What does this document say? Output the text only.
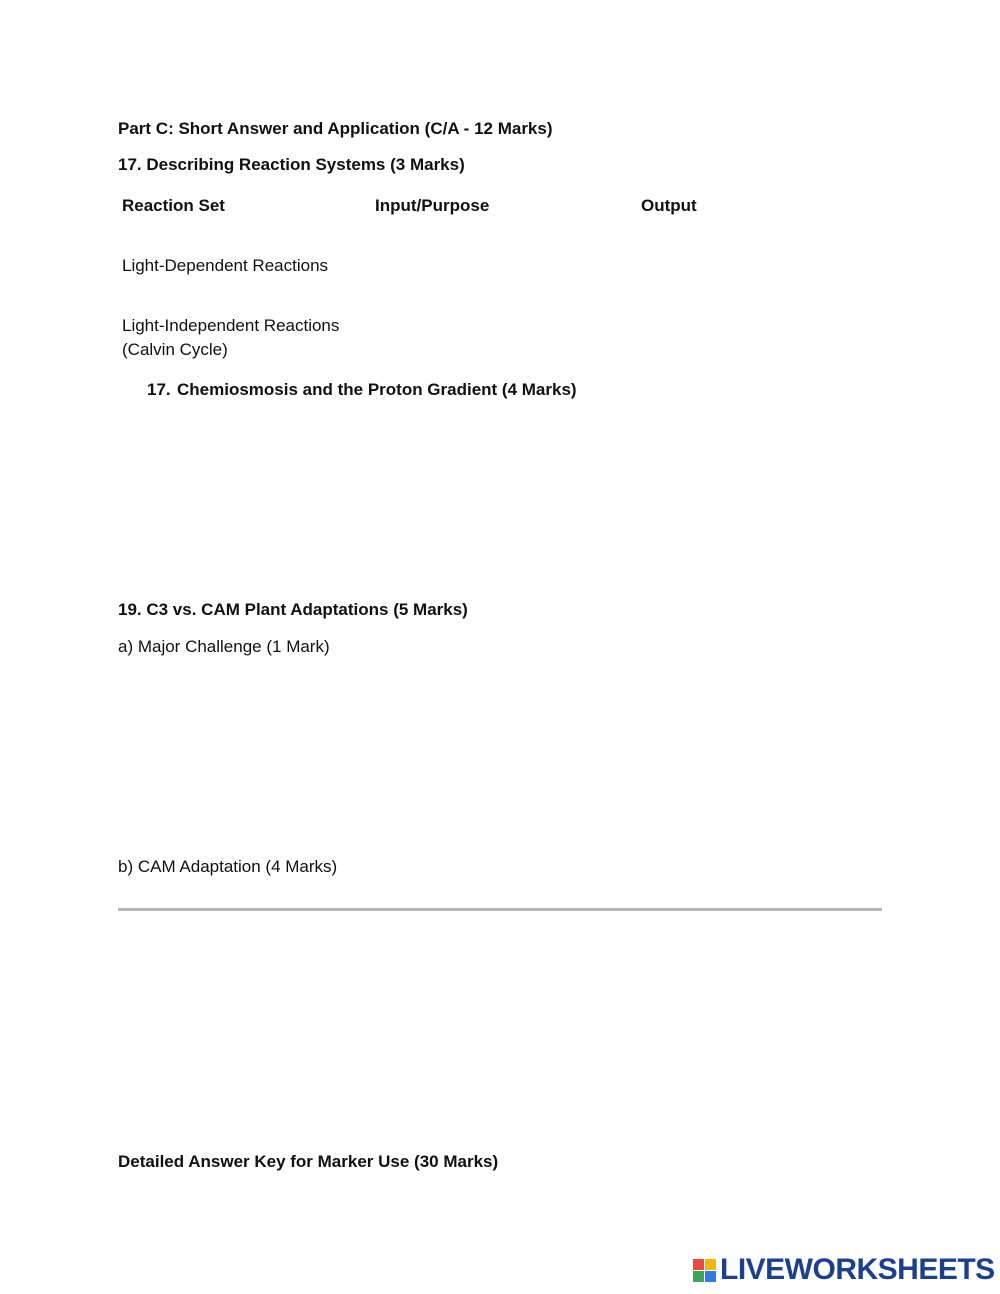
Part C: Short Answer and Application (C/A - 12 Marks)
17. Describing Reaction Systems (3 Marks)
Reaction Set	Input/Purpose	Output
Light-Dependent Reactions
Light-Independent Reactions
(Calvin Cycle)
17. Chemiosmosis and the Proton Gradient (4 Marks)
19. C3 vs. CAM Plant Adaptations (5 Marks)
a) Major Challenge (1 Mark)
b) CAM Adaptation (4 Marks)
Detailed Answer Key for Marker Use (30 Marks)
LIVEWORKSHEETS
